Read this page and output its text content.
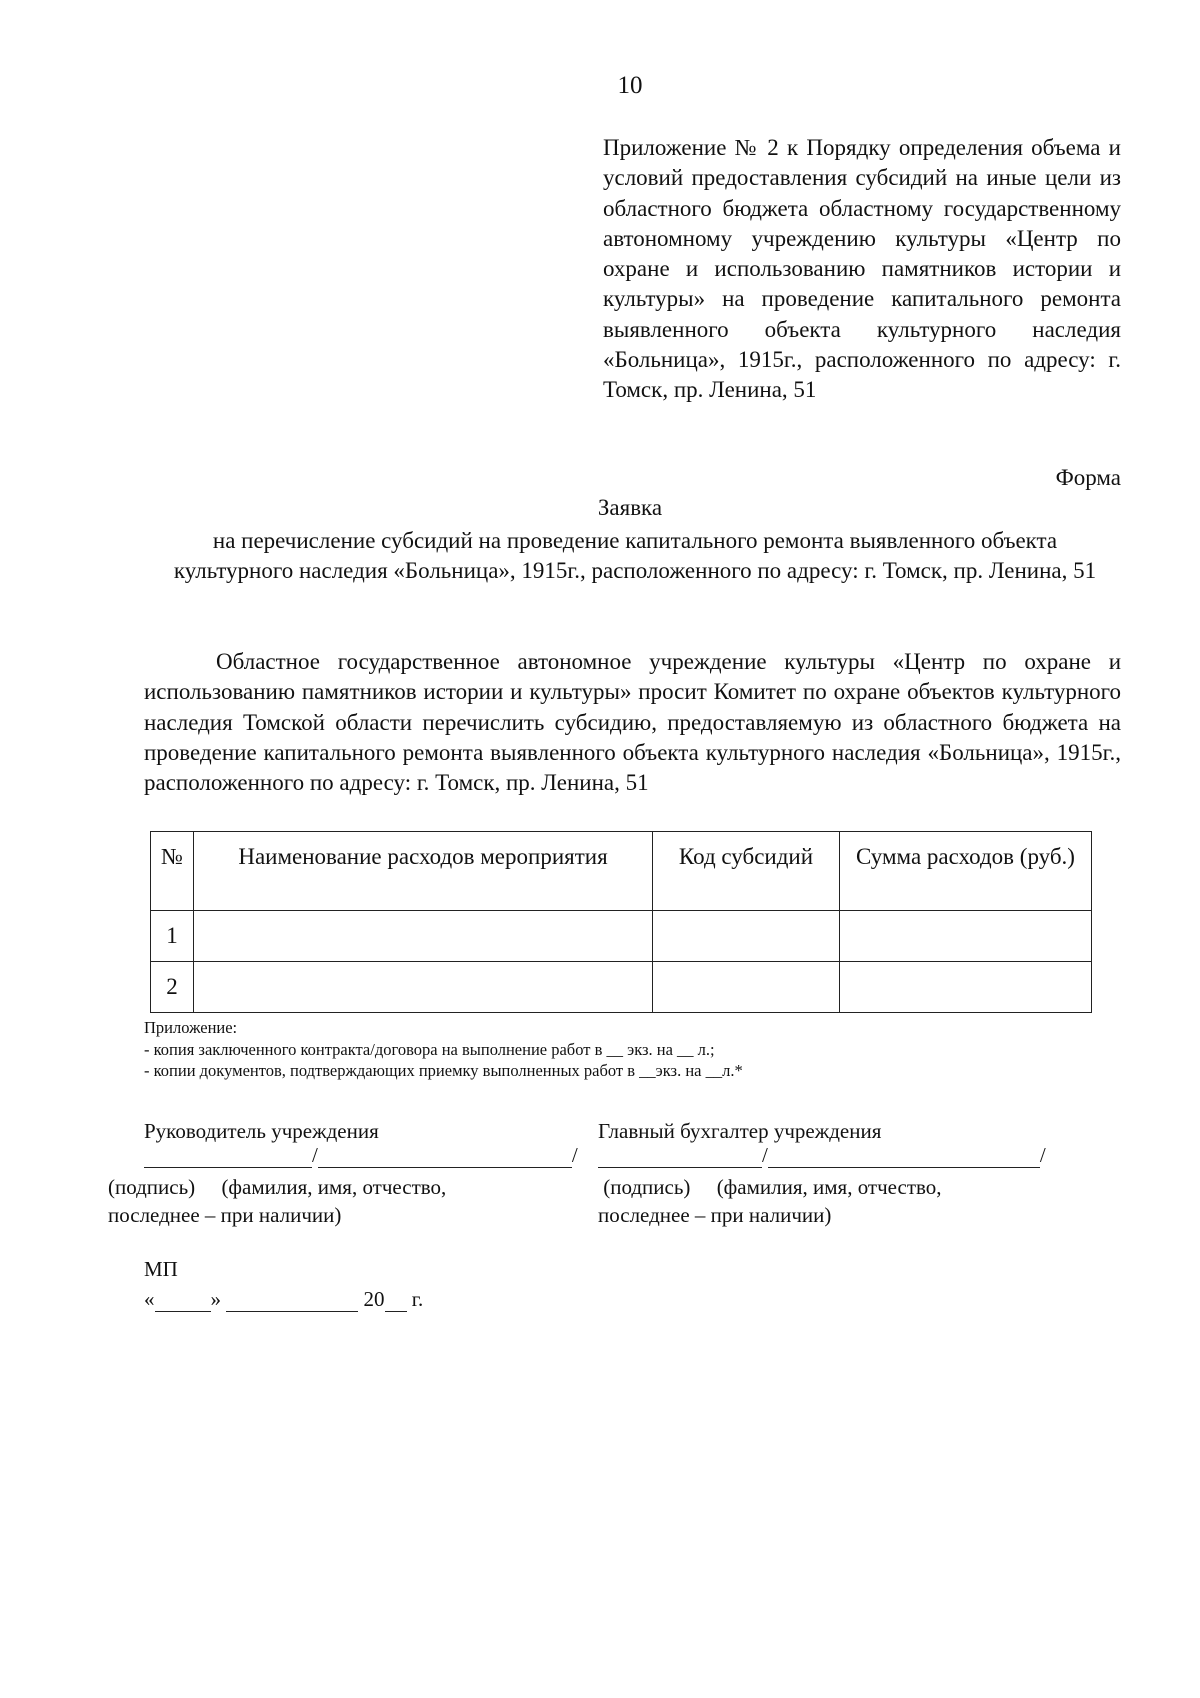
10
Приложение № 2 к Порядку определения объема и условий предоставления субсидий на иные цели из областного бюджета областному государственному автономному учреждению культуры «Центр по охране и использованию памятников истории и культуры» на проведение капитального ремонта выявленного объекта культурного наследия «Больница», 1915г., расположенного по адресу: г. Томск, пр. Ленина, 51
Форма
Заявка
на перечисление субсидий на проведение капитального ремонта выявленного объекта культурного наследия «Больница», 1915г., расположенного по адресу: г. Томск, пр. Ленина, 51
Областное государственное автономное учреждение культуры «Центр по охране и использованию памятников истории и культуры» просит Комитет по охране объектов культурного наследия Томской области перечислить субсидию, предоставляемую из областного бюджета на проведение капитального ремонта выявленного объекта культурного наследия «Больница», 1915г., расположенного по адресу: г. Томск, пр. Ленина, 51
№	Наименование расходов мероприятия	Код субсидий	Сумма расходов (руб.)
1			
2			
Приложение:
- копия заключенного контракта/договора на выполнение работ в __ экз. на __ л.;
- копии документов, подтверждающих приемку выполненных работ в __экз. на __л.*
Руководитель учреждения	Главный бухгалтер учреждения
/	/	/	/
(подпись) (фамилия, имя, отчество,
последнее – при наличии)
(подпись) (фамилия, имя, отчество,
последнее – при наличии)
МП
«	»	20 г.
